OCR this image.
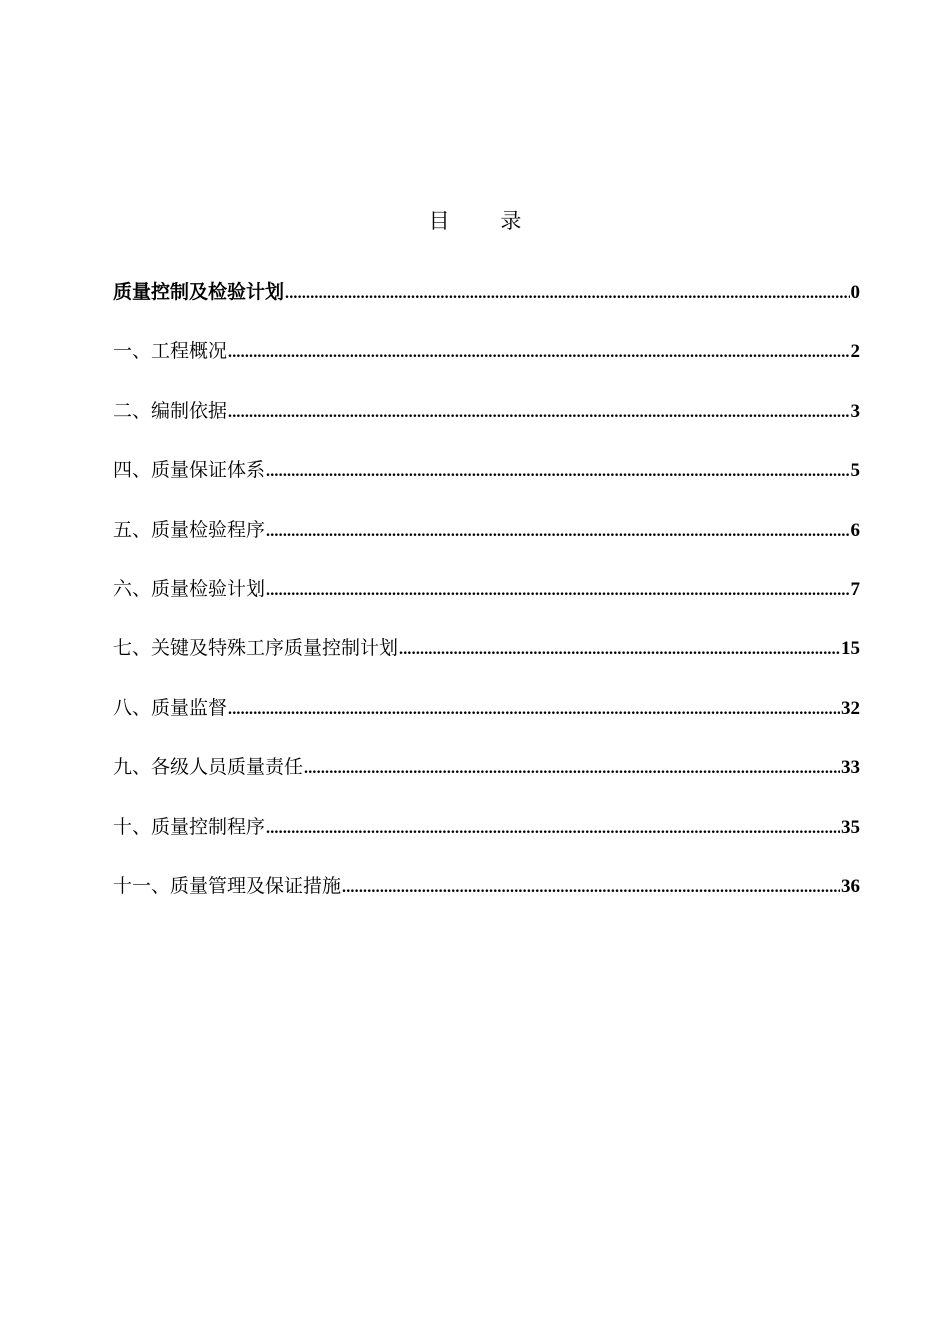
目 录
质量控制及检验计划 .....	0
一、工程概况 .....	2
二、编制依据 .....	3
四、质量保证体系 .....	5
五、质量检验程序 .....	6
六、质量检验计划 .....	7
七、关键及特殊工序质量控制计划 .....	15
八、质量监督 .....	32
九、各级人员质量责任 .....	33
十、质量控制程序 .....	35
十一、质量管理及保证措施 .....	36
